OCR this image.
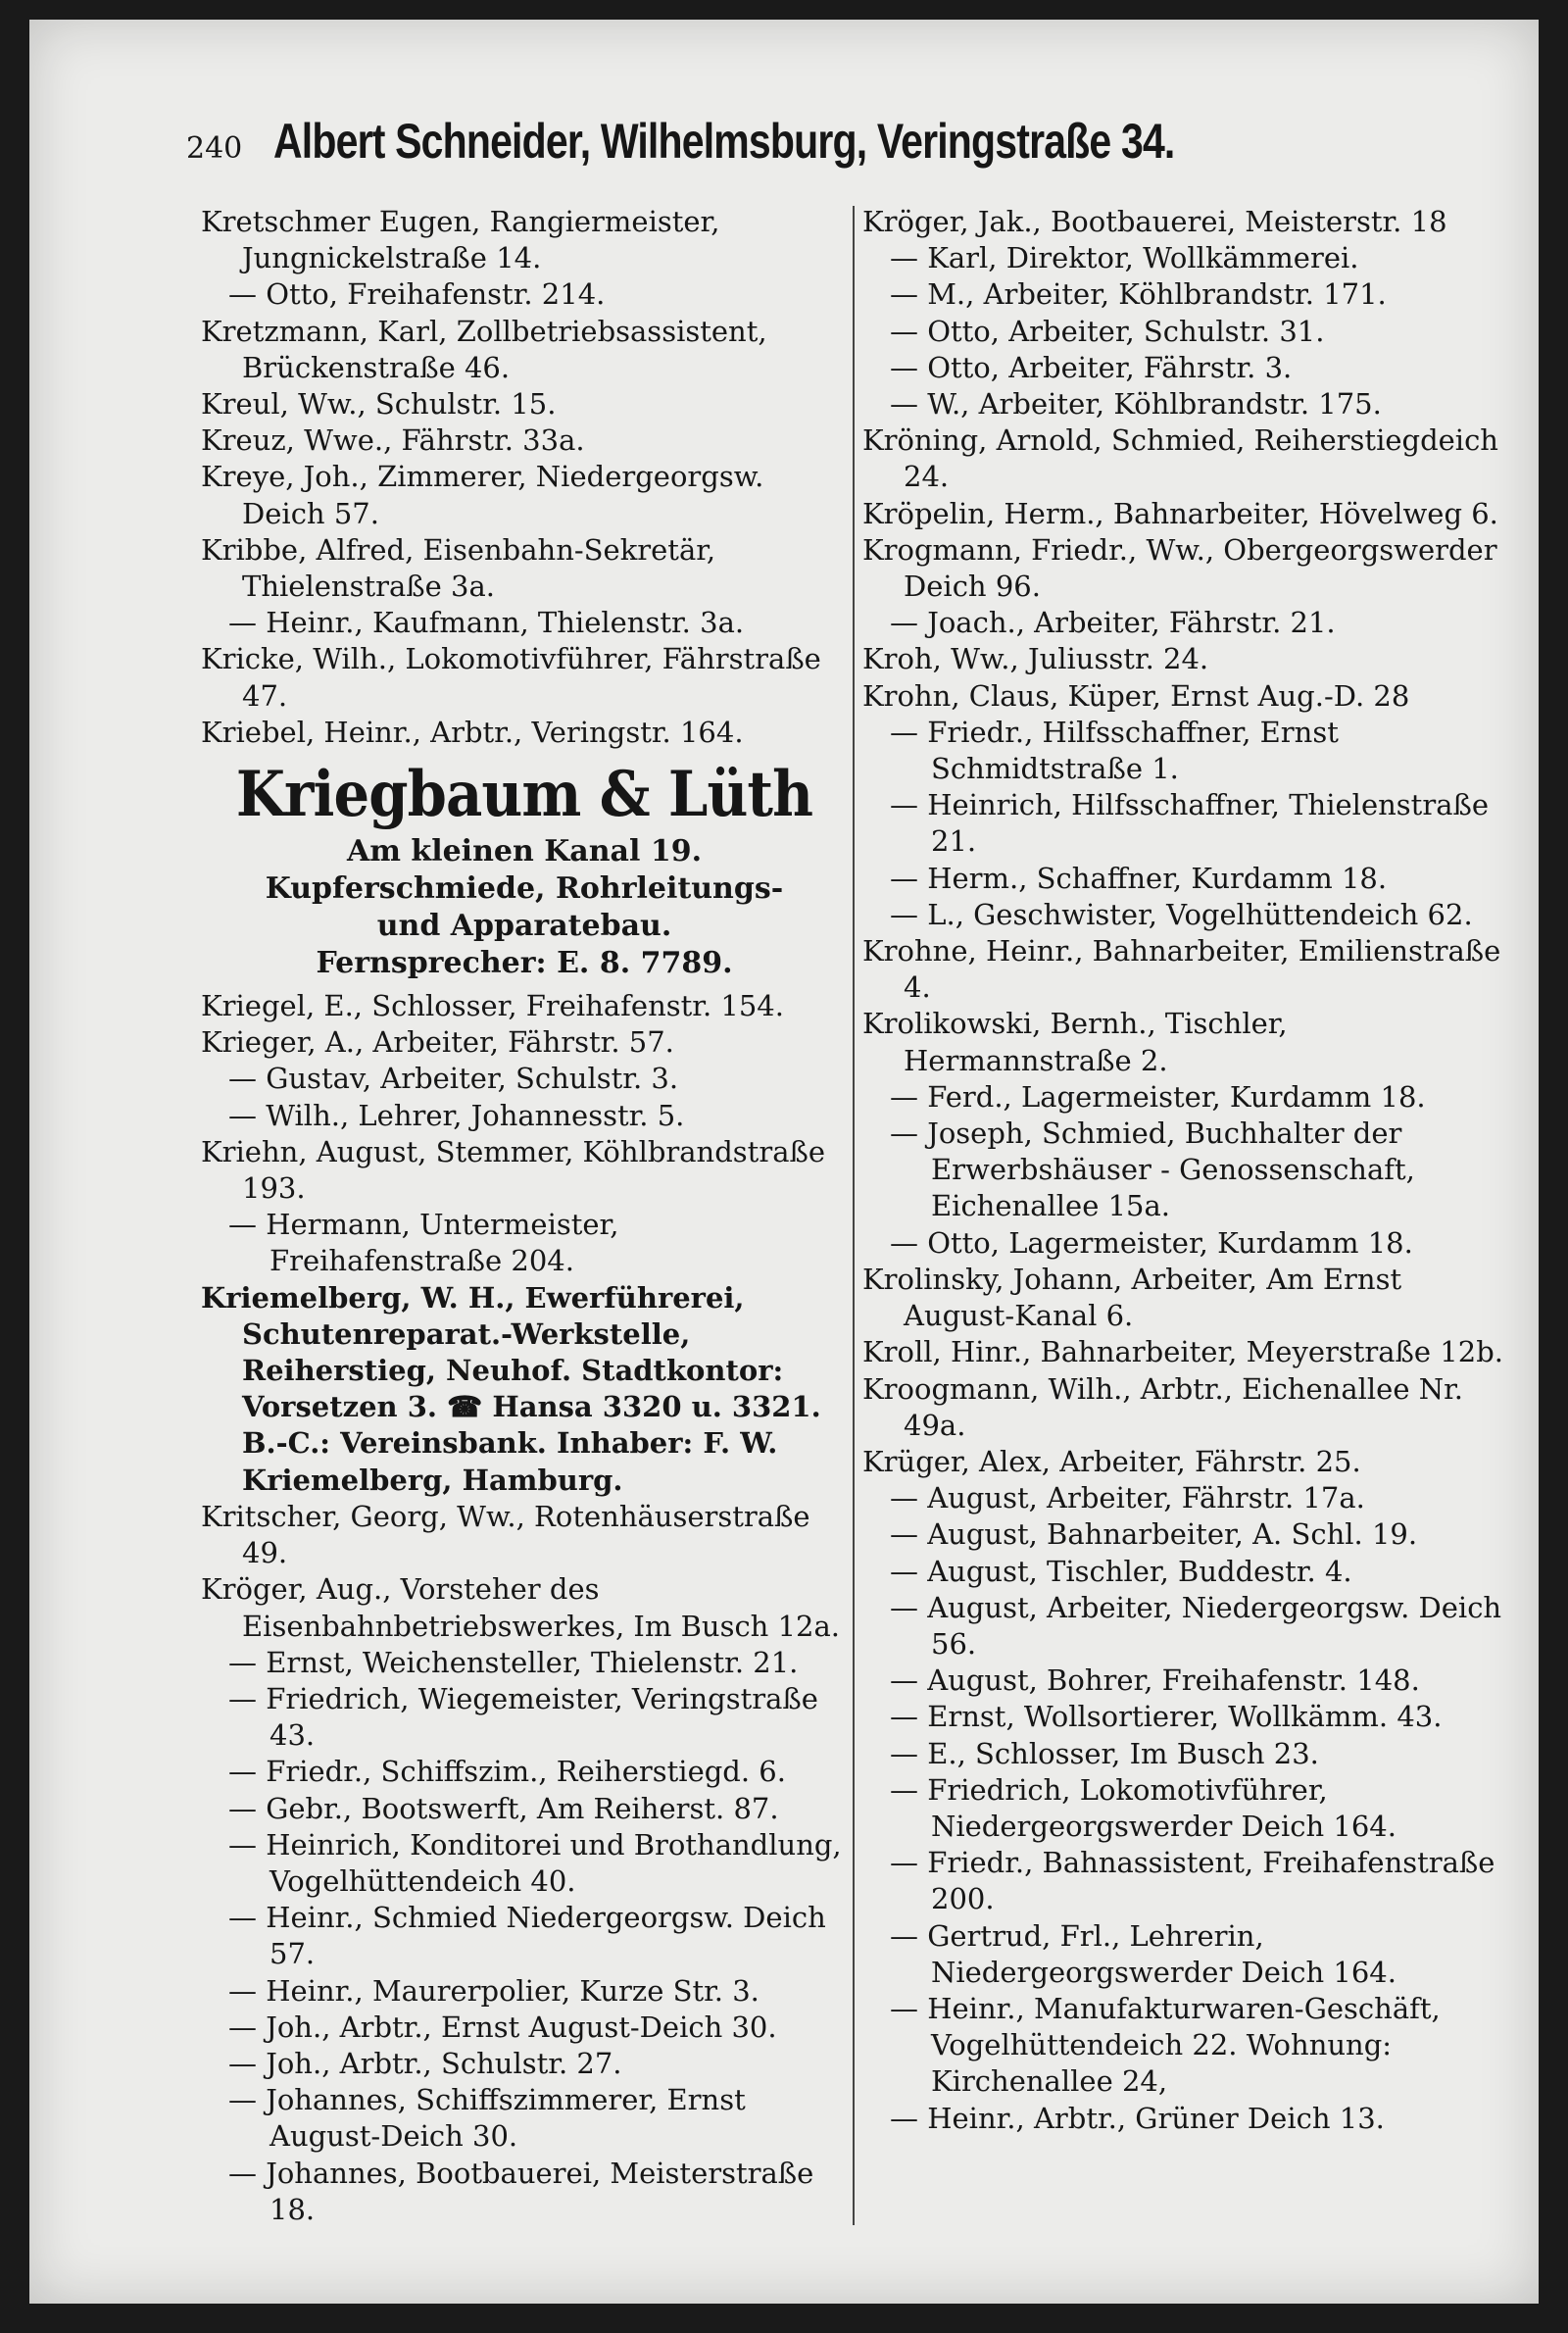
240 Albert Schneider, Wilhelmsburg, Veringstraße 34.

Kretschmer Eugen, Rangiermeister, Jungnickelstraße 14.

— Otto, Freihafenstr. 214.

Kretzmann, Karl, Zollbetriebsassistent, Brückenstraße 46.

Kreul, Ww., Schulstr. 15.

Kreuz, Wwe., Fährstr. 33a.

Kreye, Joh., Zimmerer, Niedergeorgsw. Deich 57.

Kribbe, Alfred, Eisenbahn-Sekretär, Thielenstraße 3a.

— Heinr., Kaufmann, Thielenstr. 3a.

Kricke, Wilh., Lokomotivführer, Fährstraße 47.

Kriebel, Heinr., Arbtr., Veringstr. 164.

Kriegbaum & Lüth
Am kleinen Kanal 19.
Kupferschmiede, Rohrleitungs-
und Apparatebau.
Fernsprecher: E. 8. 7789.

Kriegel, E., Schlosser, Freihafenstr. 154.

Krieger, A., Arbeiter, Fährstr. 57.

— Gustav, Arbeiter, Schulstr. 3.

— Wilh., Lehrer, Johannesstr. 5.

Kriehn, August, Stemmer, Köhlbrandstraße 193.

— Hermann, Untermeister, Freihafenstraße 204.

Kriemelberg, W. H., Ewerführerei, Schutenreparat.-Werkstelle, Reiherstieg, Neuhof. Stadtkontor: Vorsetzen 3. ☎ Hansa 3320 u. 3321. B.-C.: Vereinsbank. Inhaber: F. W. Kriemelberg, Hamburg.

Kritscher, Georg, Ww., Rotenhäuserstraße 49.

Kröger, Aug., Vorsteher des Eisenbahnbetriebswerkes, Im Busch 12a.

— Ernst, Weichensteller, Thielenstr. 21.

— Friedrich, Wiegemeister, Veringstraße 43.

— Friedr., Schiffszim., Reiherstiegd. 6.

— Gebr., Bootswerft, Am Reiherst. 87.

— Heinrich, Konditorei und Brothandlung, Vogelhüttendeich 40.

— Heinr., Schmied Niedergeorgsw. Deich 57.

— Heinr., Maurerpolier, Kurze Str. 3.

— Joh., Arbtr., Ernst August-Deich 30.

— Joh., Arbtr., Schulstr. 27.

— Johannes, Schiffszimmerer, Ernst August-Deich 30.

— Johannes, Bootbauerei, Meisterstraße 18.

Kröger, Jak., Bootbauerei, Meisterstr. 18

— Karl, Direktor, Wollkämmerei.

— M., Arbeiter, Köhlbrandstr. 171.

— Otto, Arbeiter, Schulstr. 31.

— Otto, Arbeiter, Fährstr. 3.

— W., Arbeiter, Köhlbrandstr. 175.

Kröning, Arnold, Schmied, Reiherstiegdeich 24.

Kröpelin, Herm., Bahnarbeiter, Hövelweg 6.

Krogmann, Friedr., Ww., Obergeorgswerder Deich 96.

— Joach., Arbeiter, Fährstr. 21.

Kroh, Ww., Juliusstr. 24.

Krohn, Claus, Küper, Ernst Aug.-D. 28

— Friedr., Hilfsschaffner, Ernst Schmidtstraße 1.

— Heinrich, Hilfsschaffner, Thielenstraße 21.

— Herm., Schaffner, Kurdamm 18.

— L., Geschwister, Vogelhüttendeich 62.

Krohne, Heinr., Bahnarbeiter, Emilienstraße 4.

Krolikowski, Bernh., Tischler, Hermannstraße 2.

— Ferd., Lagermeister, Kurdamm 18.

— Joseph, Schmied, Buchhalter der Erwerbshäuser - Genossenschaft, Eichenallee 15a.

— Otto, Lagermeister, Kurdamm 18.

Krolinsky, Johann, Arbeiter, Am Ernst August-Kanal 6.

Kroll, Hinr., Bahnarbeiter, Meyerstraße 12b.

Kroogmann, Wilh., Arbtr., Eichenallee Nr. 49a.

Krüger, Alex, Arbeiter, Fährstr. 25.

— August, Arbeiter, Fährstr. 17a.

— August, Bahnarbeiter, A. Schl. 19.

— August, Tischler, Buddestr. 4.

— August, Arbeiter, Niedergeorgsw. Deich 56.

— August, Bohrer, Freihafenstr. 148.

— Ernst, Wollsortierer, Wollkämm. 43.

— E., Schlosser, Im Busch 23.

— Friedrich, Lokomotivführer, Niedergeorgswerder Deich 164.

— Friedr., Bahnassistent, Freihafenstraße 200.

— Gertrud, Frl., Lehrerin, Niedergeorgswerder Deich 164.

— Heinr., Manufakturwaren-Geschäft, Vogelhüttendeich 22. Wohnung: Kirchenallee 24,

— Heinr., Arbtr., Grüner Deich 13.
